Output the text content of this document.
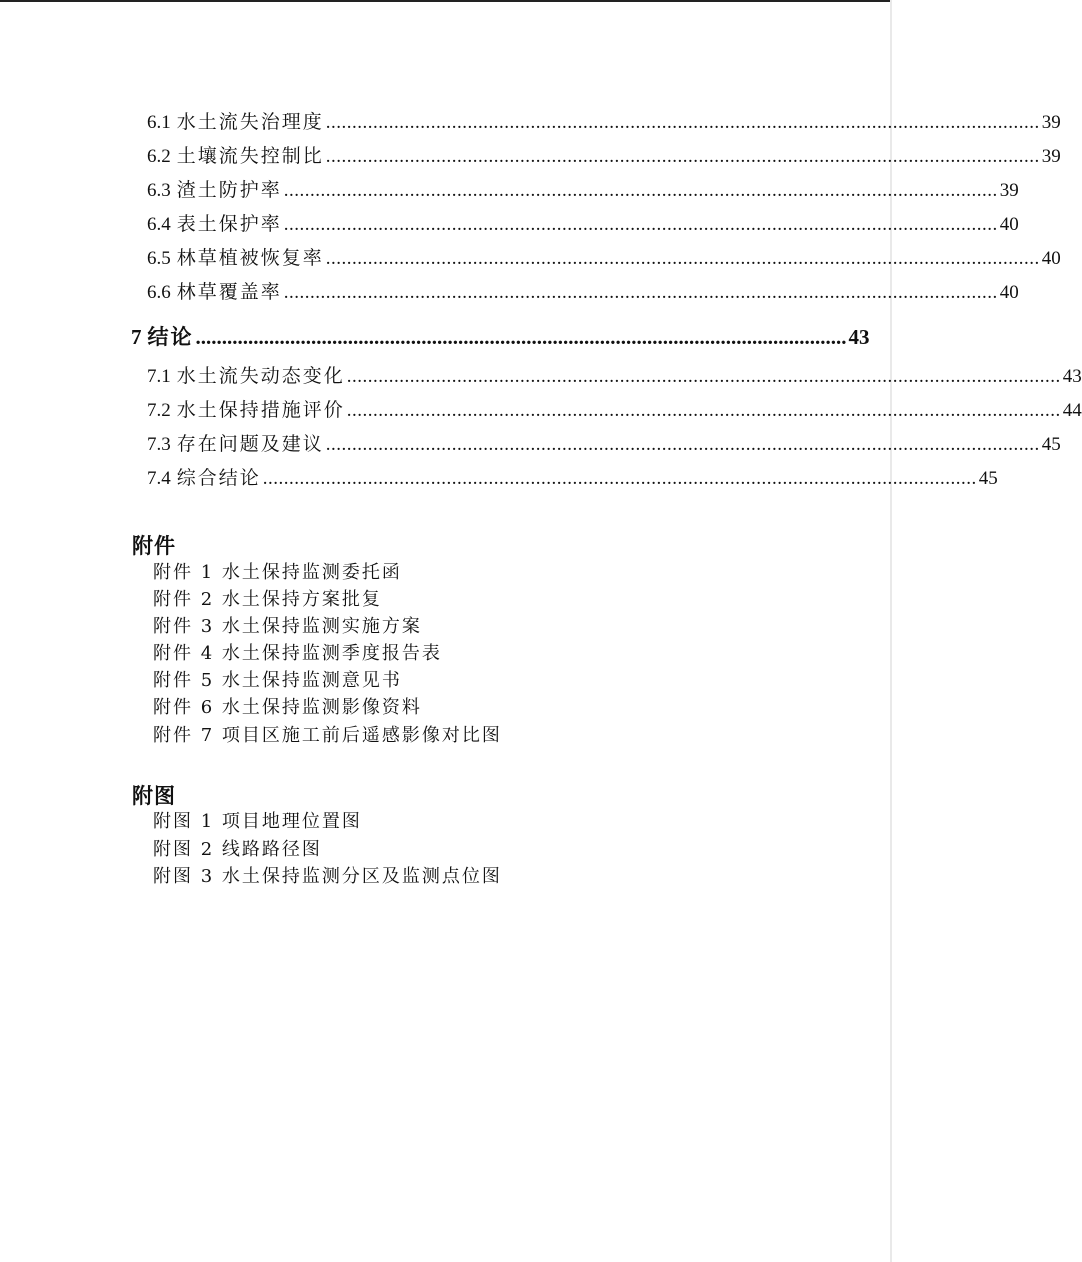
6.1 水土流失治理度 ........................................................................................................................................ 39
6.2 土壤流失控制比 ........................................................................................................................................ 39
6.3 渣土防护率 ........................................................................................................................................ 39
6.4 表土保护率 ........................................................................................................................................ 40
6.5 林草植被恢复率 ........................................................................................................................................ 40
6.6 林草覆盖率 ........................................................................................................................................ 40
7 结论 ............................................................................................................................ 43
7.1 水土流失动态变化 ........................................................................................................................................ 43
7.2 水土保持措施评价 ........................................................................................................................................ 44
7.3 存在问题及建议 ........................................................................................................................................ 45
7.4 综合结论 ........................................................................................................................................ 45
附件
附件 1 水土保持监测委托函
附件 2 水土保持方案批复
附件 3 水土保持监测实施方案
附件 4 水土保持监测季度报告表
附件 5 水土保持监测意见书
附件 6 水土保持监测影像资料
附件 7 项目区施工前后遥感影像对比图
附图
附图 1 项目地理位置图
附图 2 线路路径图
附图 3 水土保持监测分区及监测点位图
